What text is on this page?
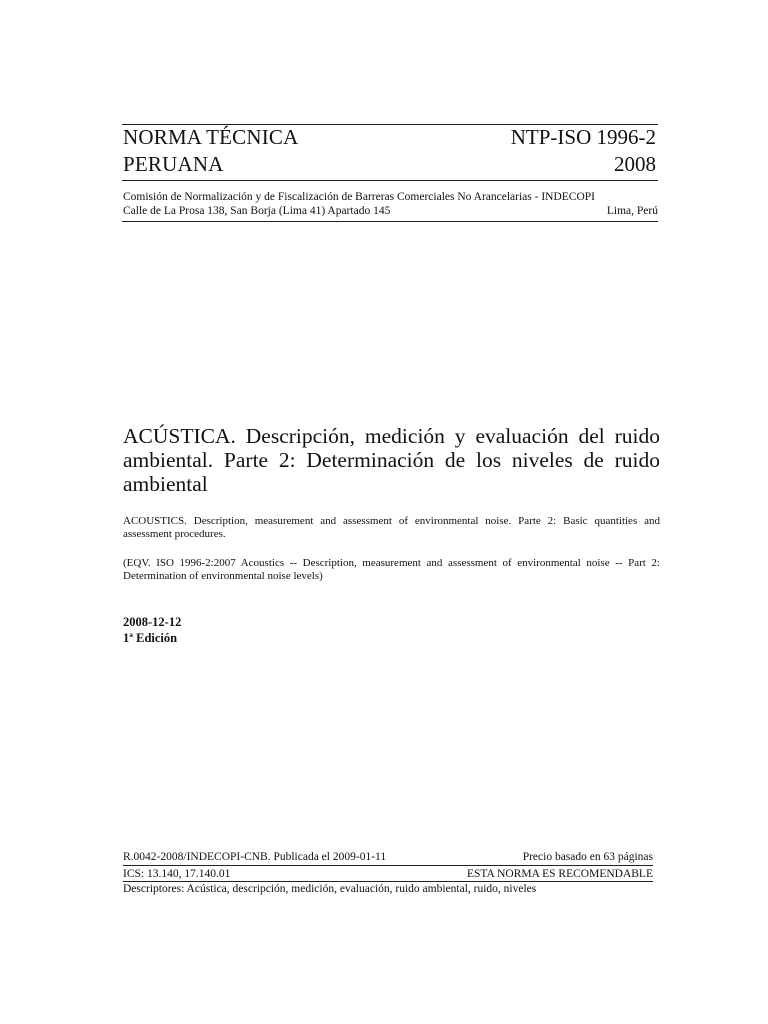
NORMA TÉCNICA
PERUANA
NTP-ISO 1996-2
2008
Comisión de Normalización y de Fiscalización de Barreras Comerciales No Arancelarias - INDECOPI
Calle de La Prosa 138, San Borja (Lima 41) Apartado 145	Lima, Perú
ACÚSTICA. Descripción, medición y evaluación del ruido ambiental. Parte 2: Determinación de los niveles de ruido ambiental
ACOUSTICS. Description, measurement and assessment of environmental noise. Parte 2: Basic quantities and assessment procedures.
(EQV. ISO 1996-2:2007 Acoustics -- Description, measurement and assessment of environmental noise -- Part 2: Determination of environmental noise levels)
2008-12-12
1ª Edición
R.0042-2008/INDECOPI-CNB. Publicada el 2009-01-11	Precio basado en 63 páginas
ICS: 13.140, 17.140.01	ESTA NORMA ES RECOMENDABLE
Descriptores: Acústica, descripción, medición, evaluación, ruido ambiental, ruido, niveles
